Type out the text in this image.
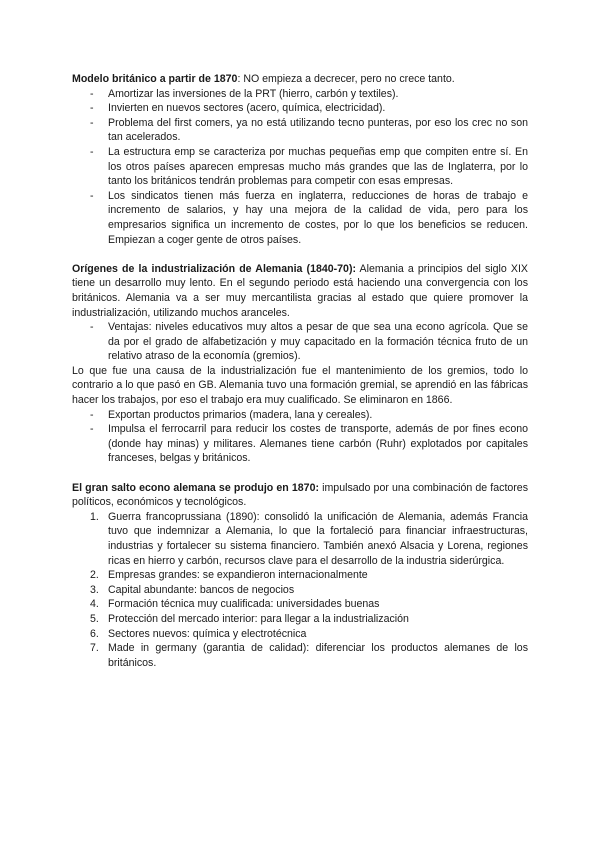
Modelo británico a partir de 1870: NO empieza a decrecer, pero no crece tanto.

- Amortizar las inversiones de la PRT (hierro, carbón y textiles).
- Invierten en nuevos sectores (acero, química, electricidad).
- Problema del first comers, ya no está utilizando tecno punteras, por eso los crec no son tan acelerados.
- La estructura emp se caracteriza por muchas pequeñas emp que compiten entre sí. En los otros países aparecen empresas mucho más grandes que las de Inglaterra, por lo tanto los británicos tendrán problemas para competir con esas empresas.
- Los sindicatos tienen más fuerza en inglaterra, reducciones de horas de trabajo e incremento de salarios, y hay una mejora de la calidad de vida, pero para los empresarios significa un incremento de costes, por lo que los beneficios se reducen. Empiezan a coger gente de otros países.

Orígenes de la industrialización de Alemania (1840-70): Alemania a principios del siglo XIX tiene un desarrollo muy lento. En el segundo periodo está haciendo una convergencia con los británicos. Alemania va a ser muy mercantilista gracias al estado que quiere promover la industrialización, utilizando muchos aranceles.

- Ventajas: niveles educativos muy altos a pesar de que sea una econo agrícola. Que se da por el grado de alfabetización y muy capacitado en la formación técnica fruto de un relativo atraso de la economía (gremios).

Lo que fue una causa de la industrialización fue el mantenimiento de los gremios, todo lo contrario a lo que pasó en GB. Alemania tuvo una formación gremial, se aprendió en las fábricas hacer los trabajos, por eso el trabajo era muy cualificado. Se eliminaron en 1866.

- Exportan productos primarios (madera, lana y cereales).
- Impulsa el ferrocarril para reducir los costes de transporte, además de por fines econo (donde hay minas) y militares. Alemanes tiene carbón (Ruhr) explotados por capitales franceses, belgas y británicos.

El gran salto econo alemana se produjo en 1870: impulsado por una combinación de factores políticos, económicos y tecnológicos.

1. Guerra francoprussiana (1890): consolidó la unificación de Alemania, además Francia tuvo que indemnizar a Alemania, lo que la fortaleció para financiar infraestructuras, industrias y fortalecer su sistema financiero. También anexó Alsacia y Lorena, regiones ricas en hierro y carbón, recursos clave para el desarrollo de la industria siderúrgica.
2. Empresas grandes: se expandieron internacionalmente
3. Capital abundante: bancos de negocios
4. Formación técnica muy cualificada: universidades buenas
5. Protección del mercado interior: para llegar a la industrialización
6. Sectores nuevos: química y electrotécnica
7. Made in germany (garantia de calidad): diferenciar los productos alemanes de los británicos.
